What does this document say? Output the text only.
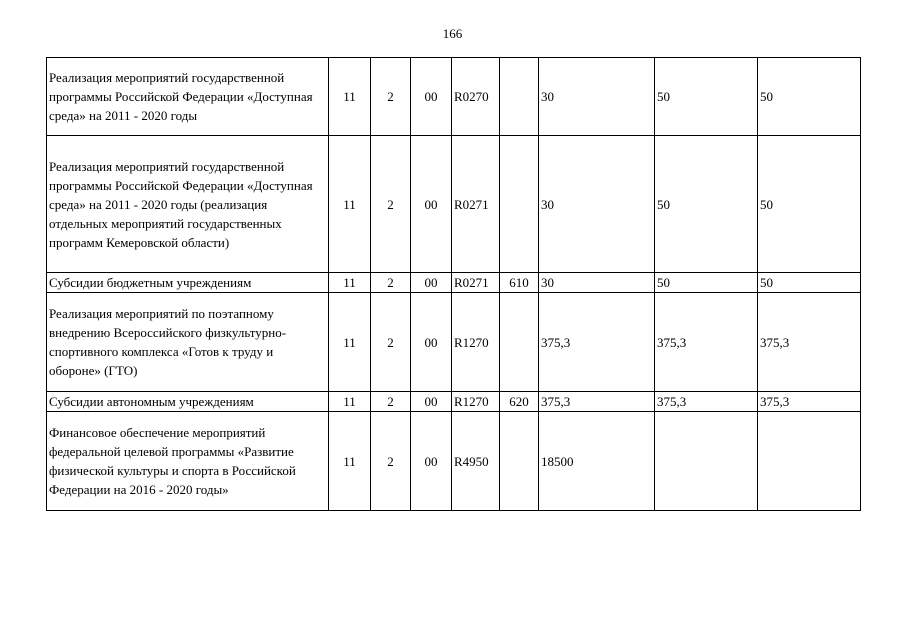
166
Реализация мероприятий государственной программы Российской Федерации «Доступная среда» на 2011 - 2020 годы	11	2	00	R0270		30	50	50
Реализация мероприятий государственной программы Российской Федерации «Доступная среда» на 2011 - 2020 годы (реализация отдельных мероприятий государственных программ Кемеровской области)	11	2	00	R0271		30	50	50
Субсидии бюджетным учреждениям	11	2	00	R0271	610	30	50	50
Реализация мероприятий по поэтапному внедрению Всероссийского физкультурно-спортивного комплекса «Готов к труду и обороне» (ГТО)	11	2	00	R1270		375,3	375,3	375,3
Субсидии автономным учреждениям	11	2	00	R1270	620	375,3	375,3	375,3
Финансовое обеспечение мероприятий федеральной целевой программы «Развитие физической культуры и спорта в Российской Федерации на 2016 - 2020 годы»	11	2	00	R4950		18500		
